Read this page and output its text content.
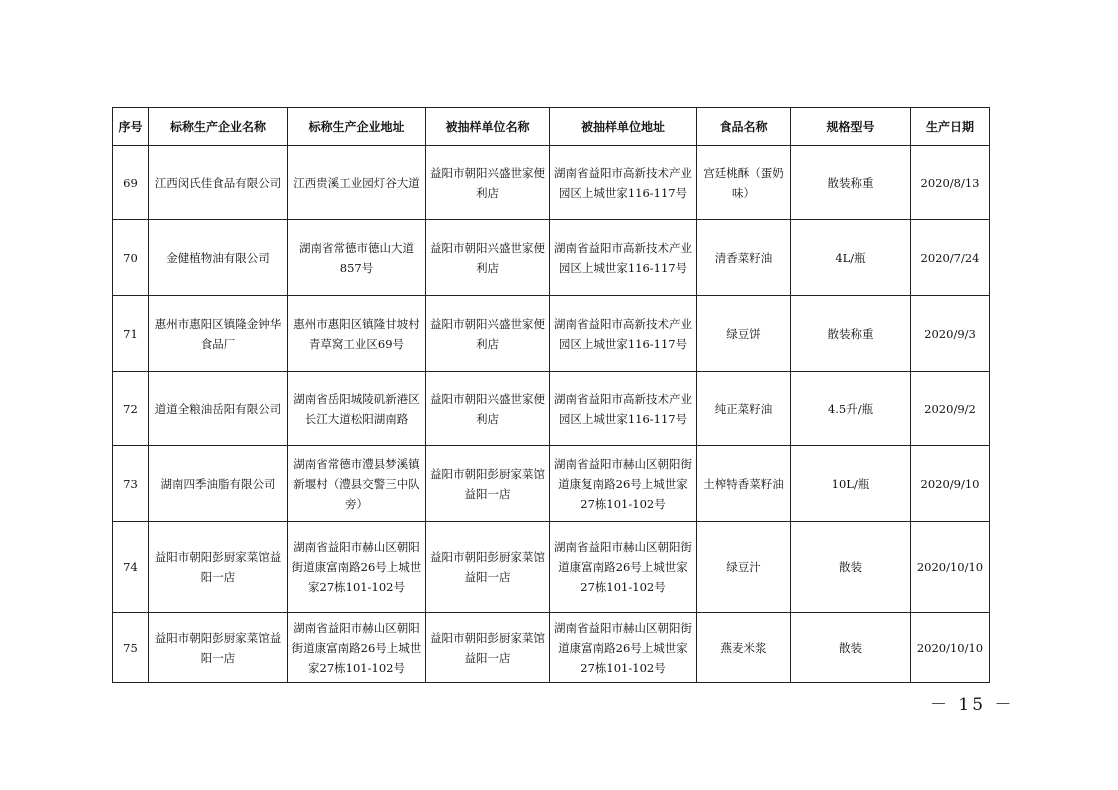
序号	标称生产企业名称	标称生产企业地址	被抽样单位名称	被抽样单位地址	食品名称	规格型号	生产日期
69	江西闵氏佳食品有限公司	江西贵溪工业园灯谷大道	益阳市朝阳兴盛世家便利店	湖南省益阳市高新技术产业园区上城世家116-117号	宫廷桃酥（蛋奶味）	散装称重	2020/8/13
70	金健植物油有限公司	湖南省常德市德山大道857号	益阳市朝阳兴盛世家便利店	湖南省益阳市高新技术产业园区上城世家116-117号	清香菜籽油	4L/瓶	2020/7/24
71	惠州市惠阳区镇隆金钟华食品厂	惠州市惠阳区镇隆甘坡村青草窝工业区69号	益阳市朝阳兴盛世家便利店	湖南省益阳市高新技术产业园区上城世家116-117号	绿豆饼	散装称重	2020/9/3
72	道道全粮油岳阳有限公司	湖南省岳阳城陵矶新港区长江大道松阳湖南路	益阳市朝阳兴盛世家便利店	湖南省益阳市高新技术产业园区上城世家116-117号	纯正菜籽油	4.5升/瓶	2020/9/2
73	湖南四季油脂有限公司	湖南省常德市澧县梦溪镇新堰村（澧县交警三中队旁）	益阳市朝阳彭厨家菜馆益阳一店	湖南省益阳市赫山区朝阳街道康复南路26号上城世家27栋101-102号	土榨特香菜籽油	10L/瓶	2020/9/10
74	益阳市朝阳彭厨家菜馆益阳一店	湖南省益阳市赫山区朝阳街道康富南路26号上城世家27栋101-102号	益阳市朝阳彭厨家菜馆益阳一店	湖南省益阳市赫山区朝阳街道康富南路26号上城世家27栋101-102号	绿豆汁	散装	2020/10/10
75	益阳市朝阳彭厨家菜馆益阳一店	湖南省益阳市赫山区朝阳街道康富南路26号上城世家27栋101-102号	益阳市朝阳彭厨家菜馆益阳一店	湖南省益阳市赫山区朝阳街道康富南路26号上城世家27栋101-102号	燕麦米浆	散装	2020/10/10
－ 15 －
